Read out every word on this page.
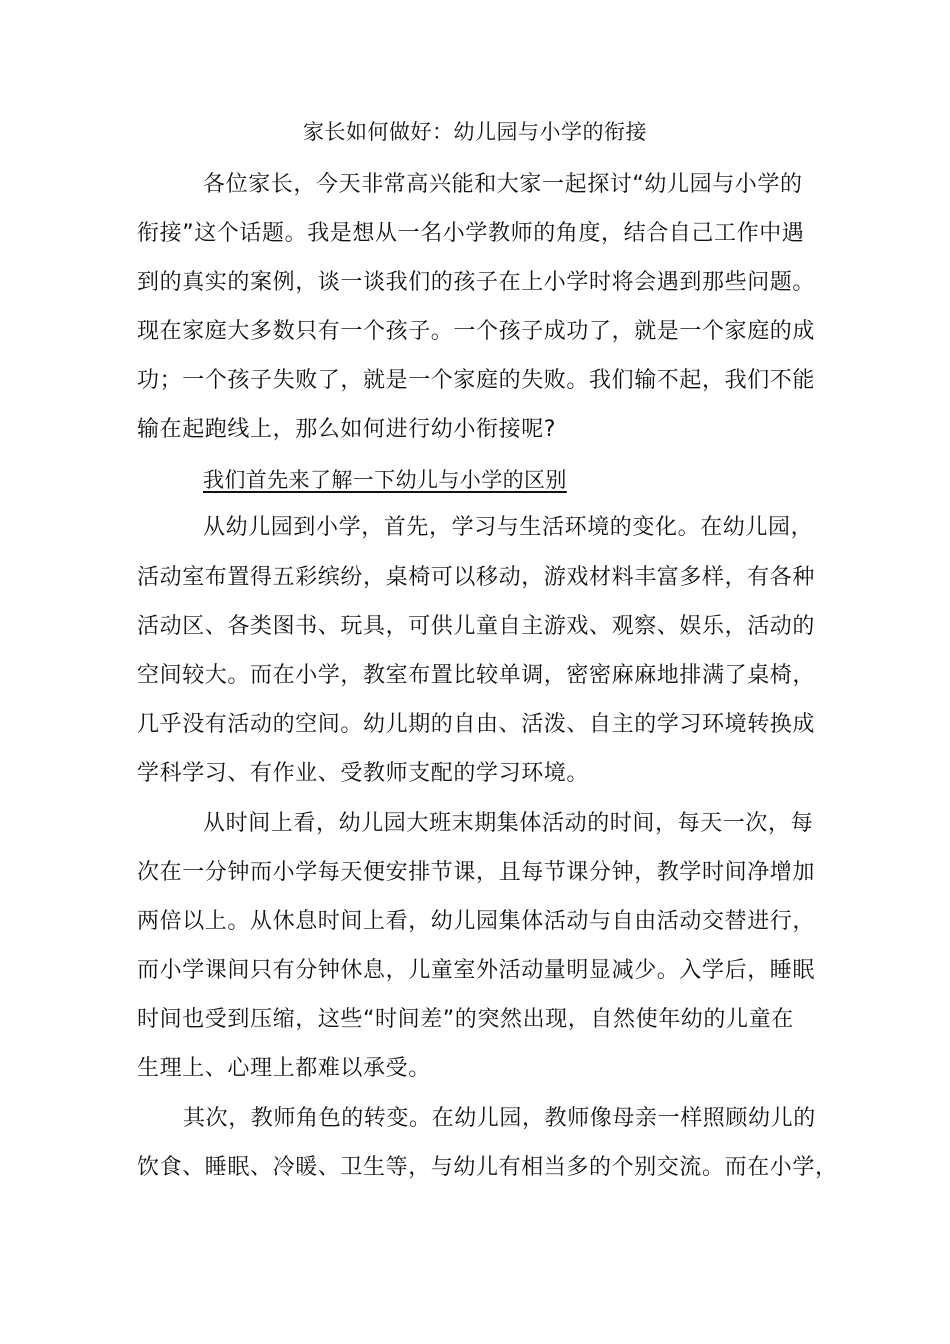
家长如何做好：幼儿园与小学的衔接
各位家长，今天非常高兴能和大家一起探讨“幼儿园与小学的
衔接”这个话题。我是想从一名小学教师的角度，结合自己工作中遇
到的真实的案例，谈一谈我们的孩子在上小学时将会遇到那些问题。
现在家庭大多数只有一个孩子。一个孩子成功了，就是一个家庭的成
功；一个孩子失败了，就是一个家庭的失败。我们输不起，我们不能
输在起跑线上，那么如何进行幼小衔接呢?
我们首先来了解一下幼儿与小学的区别
从幼儿园到小学，首先，学习与生活环境的变化。在幼儿园，
活动室布置得五彩缤纷，桌椅可以移动，游戏材料丰富多样，有各种
活动区、各类图书、玩具，可供儿童自主游戏、观察、娱乐，活动的
空间较大。而在小学，教室布置比较单调，密密麻麻地排满了桌椅，
几乎没有活动的空间。幼儿期的自由、活泼、自主的学习环境转换成
学科学习、有作业、受教师支配的学习环境。
从时间上看，幼儿园大班末期集体活动的时间，每天一次，每
次在一分钟而小学每天便安排节课，且每节课分钟，教学时间净增加
两倍以上。从休息时间上看，幼儿园集体活动与自由活动交替进行，
而小学课间只有分钟休息，儿童室外活动量明显减少。入学后，睡眠
时间也受到压缩，这些“时间差”的突然出现，自然使年幼的儿童在
生理上、心理上都难以承受。
其次，教师角色的转变。在幼儿园，教师像母亲一样照顾幼儿的
饮食、睡眠、冷暖、卫生等，与幼儿有相当多的个别交流。而在小学，
